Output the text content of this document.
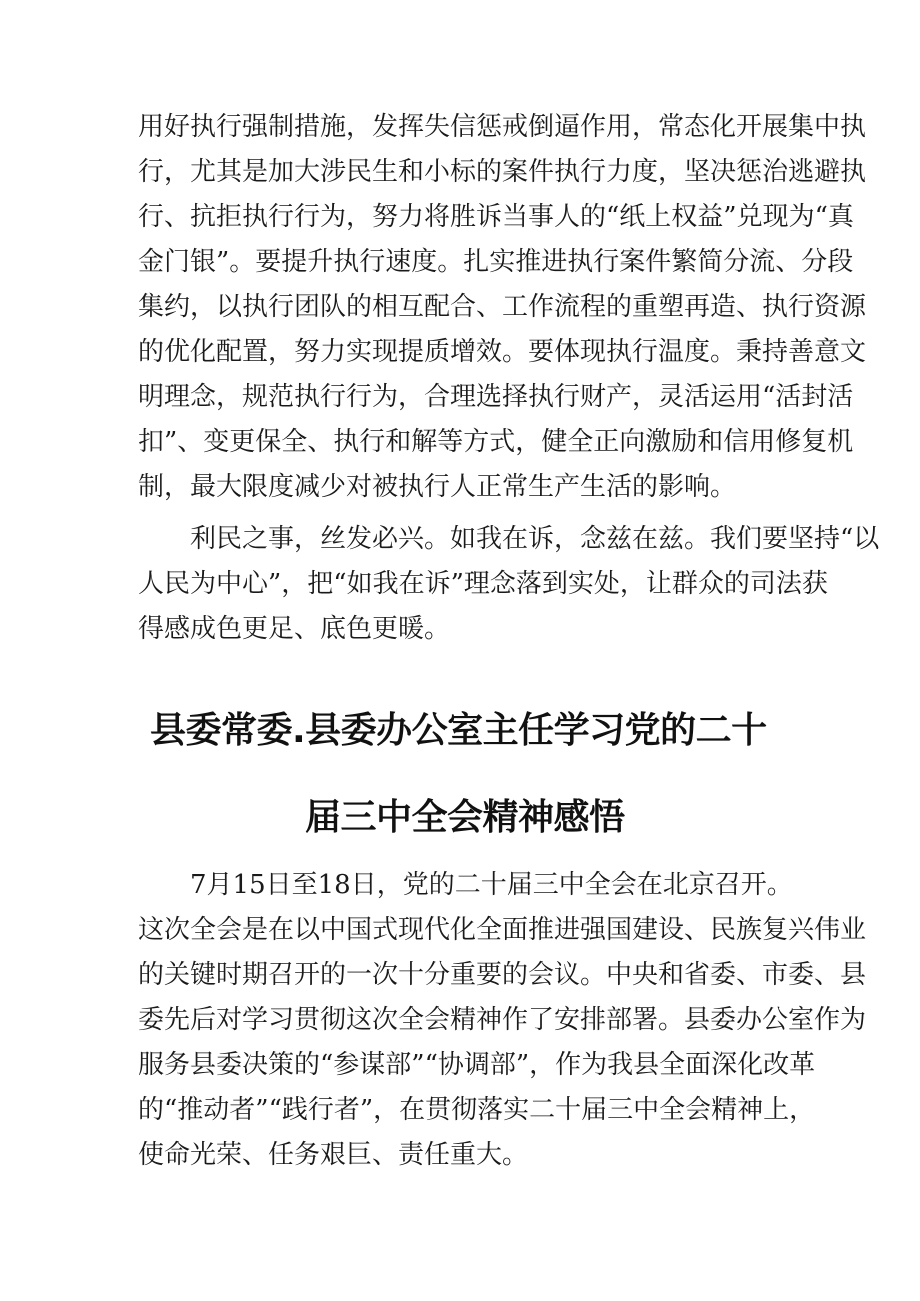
用好执行强制措施，发挥失信惩戒倒逼作用，常态化开展集中执
行，尤其是加大涉民生和小标的案件执行力度，坚决惩治逃避执
行、抗拒执行行为，努力将胜诉当事人的“纸上权益”兑现为“真
金门银”。要提升执行速度。扎实推进执行案件繁简分流、分段
集约，以执行团队的相互配合、工作流程的重塑再造、执行资源
的优化配置，努力实现提质增效。要体现执行温度。秉持善意文
明理念，规范执行行为，合理选择执行财产，灵活运用“活封活
扣”、变更保全、执行和解等方式，健全正向激励和信用修复机
制，最大限度减少对被执行人正常生产生活的影响。
利民之事，丝发必兴。如我在诉，念兹在兹。我们要坚持“以
人民为中心”，把“如我在诉”理念落到实处，让群众的司法获
得感成色更足、底色更暖。
县委常委.县委办公室主任学习党的二十
届三中全会精神感悟
7月15日至18日，党的二十届三中全会在北京召开。
这次全会是在以中国式现代化全面推进强国建设、民族复兴伟业
的关键时期召开的一次十分重要的会议。中央和省委、市委、县
委先后对学习贯彻这次全会精神作了安排部署。县委办公室作为
服务县委决策的“参谋部”“协调部”，作为我县全面深化改革
的“推动者”“践行者”，在贯彻落实二十届三中全会精神上，
使命光荣、任务艰巨、责任重大。
